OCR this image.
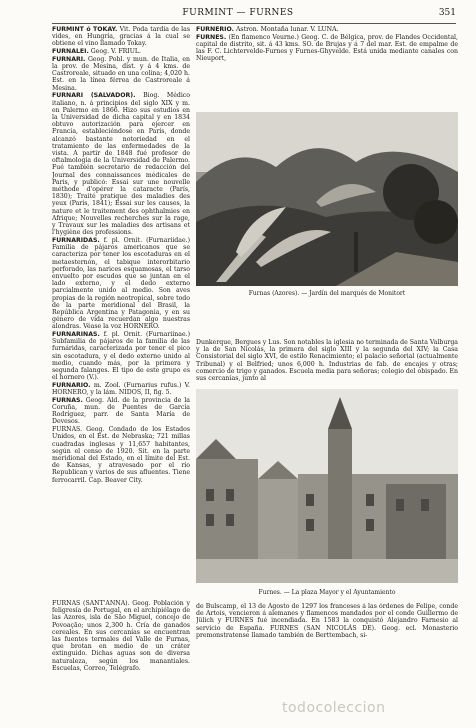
FURMINT — FURNES	351

FURMINT ó TOKAY. Vit. Poda tardía de las vides, en Hungría, gracias á la cual se obtiene el vino llamado Tokay.

FURNALEI. Geog. V. FRIUL.

FURNARI. Geog. Pobl. y mun. de Italia, en la prov. de Mesina, dist. y á 4 kms. de Castroreale, situado en una colina; 4,020 h. Est. en la línea férrea de Castroreale á Mesina.

FURNARI (SALVADOR). Biog. Médico italiano, n. á principios del siglo XIX y m. en Palermo en 1866. Hizo sus estudios en la Universidad de dicha capital y en 1834 obtuvo autorización para ejercer en Francia, estableciéndose en París, donde alcanzó bastante notoriedad en el tratamiento de las enfermedades de la vista. A partir de 1848 fué profesor de oftalmología de la Universidad de Palermo. Fué también secretario de redacción del Journal des connaissances médicales de Paris, y publicó: Essai sur une nouvelle méthode d'opérer la cataracte (París, 1830); Traité pratique des maladies des yeux (París, 1841); Essai sur les causes, la nature et le traitement des ophthalmies en Afrique; Nouvelles recherches sur la rage, y Travaux sur les maladies des artisans et l'hygiène des professions.

FURNARIDAS. f. pl. Ornit. (Furnariidae.) Familia de pájaros americanos que se caracteriza por tener los escotaduras en el metaesternón, el tabique interorbitario perforado, las narices esquamosas, el tarso envuelto por escudos que se juntan en el lado externo, y el dedo externo parcialmente unido al medio. Son aves propias de la región neotropical, sobre todo de la parte meridional del Brasil, la República Argentina y Patagonia, y en su género de vida recuerdan algo nuestras alondras. Véase la voz HORNERO.

FURNARINAS. f. pl. Ornit. (Furnariinae.) Subfamilia de pájaros de la familia de las furnáridas, caracterizada por tener el pico sin escotadura, y el dedo externo unido al medio, cuando más, por la primera y segunda falanges. El tipo de este grupo es el hornero (V.).

FURNARIO. m. Zool. (Furnarius rufus.) V. HORNERO, y la lám. NIDOS, II, fig. 5.

FURNAS. Geog. Ald. de la provincia de la Coruña, mun. de Puentes de García Rodríguez, parr. de Santa María de Devesos.

FURNAS. Geog. Condado de los Estados Unidos, en el Est. de Nebraska; 721 millas cuadradas inglesas y 11,657 habitantes, según el censo de 1920. Sit. en la parte meridional del Estado, en el límite del Est. de Kansas, y atravesado por el río Republican y varios de sus afluentes. Tiene ferrocarril. Cap. Beaver City.

FURNAS (SANT'ANNA). Geog. Población y feligresía de Portugal, en el archipiélago de las Azores, isla de São Miguel, concejo de Povoação; unos 2,300 h. Cría de ganados cereales. En sus cercanías se encuentran las fuentes termales del Valle de Furnas, que brotan en medio de un cráter extinguido. Dichas aguas son de diversa naturaleza, según los manantiales. Escuelas, Correo, Telégrafo.

FURNERIO. Astron. Montaña lunar. V. LUNA.

FURNES. (En flamenco Veurne.) Geog. C. de Bélgica, prov. de Flandes Occidental, capital de distrito, sit. á 43 kms. SO. de Brujas y á 7 del mar. Est. de empalme de las F. C. Lichtervelde-Furnes y Furnes-Ghyvelde. Está unida mediante canales con Nieuport,

Furnas (Azores). — Jardín del marqués de Monitort

Dunkerque, Bergues y Lus. Son notables la iglesia no terminada de Santa Valburga y la de San Nicolás, la primera del siglo XIII y la segunda del XIV; la Casa Consistorial del siglo XVI, de estilo Renacimiento; el palacio señorial (actualmente Tribunal) y el Belfried; unos 6,000 h. Industrias de fab. de encajes y otras; comercio de trigo y ganados. Escuela media para señoras; colegio del obispado. En sus cercanías, junto al

Furnes. — La plaza Mayor y el Ayuntamiento

de Bulscamp, el 13 de Agosto de 1297 los franceses á las órdenes de Felipe, conde de Artois, vencieron á alemanes y flamencos mandados por el conde Guillermo de Jülich y FURNES fué incendiada. En 1583 la conquistó Alejandro Farnesio al servicio de España. FURNES (SAN NICOLÁS DE). Geog. ecl. Monasterio premonstratense llamado también de Berttembach, si-

todocoleccion
